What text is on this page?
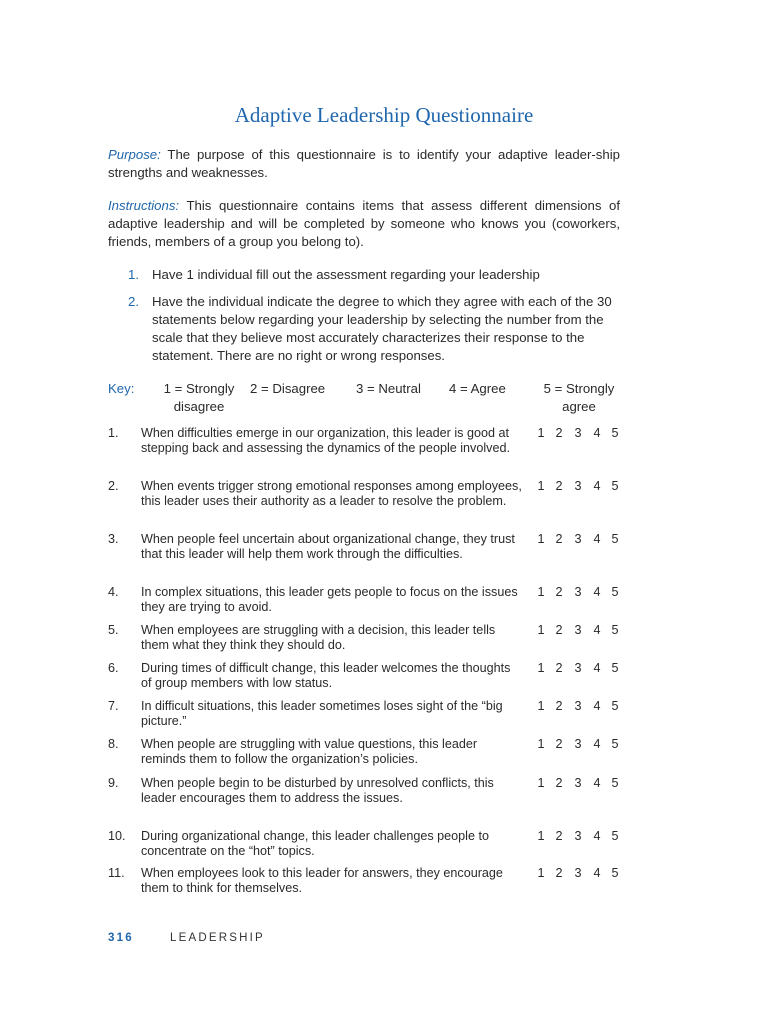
Adaptive Leadership Questionnaire
Purpose: The purpose of this questionnaire is to identify your adaptive leader-ship strengths and weaknesses.
Instructions: This questionnaire contains items that assess different dimensions of adaptive leadership and will be completed by someone who knows you (coworkers, friends, members of a group you belong to).
1. Have 1 individual fill out the assessment regarding your leadership
2. Have the individual indicate the degree to which they agree with each of the 30 statements below regarding your leadership by selecting the number from the scale that they believe most accurately characterizes their response to the statement. There are no right or wrong responses.
Key:	1 = Strongly
disagree
2 = Disagree 3 = Neutral 4 = Agree	5 = Strongly
agree
1. When difficulties emerge in our organization, this leader is good at stepping back and assessing the dynamics of the people involved.
1 2 3 4 5
2. When events trigger strong emotional responses among employees, this leader uses their authority as a leader to resolve the problem.
1 2 3 4 5
3. When people feel uncertain about organizational change, they trust that this leader will help them work through the difficulties.
1 2 3 4 5
4. In complex situations, this leader gets people to focus on the issues they are trying to avoid.
1 2 3 4 5
5. When employees are struggling with a decision, this leader tells them what they think they should do.
1 2 3 4 5
6. During times of difficult change, this leader welcomes the thoughts of group members with low status.
1 2 3 4 5
7. In difficult situations, this leader sometimes loses sight of the “big picture.”
1 2 3 4 5
8. When people are struggling with value questions, this leader reminds them to follow the organization’s policies.
1 2 3 4 5
9. When people begin to be disturbed by unresolved conflicts, this leader encourages them to address the issues.
1 2 3 4 5
10. During organizational change, this leader challenges people to concentrate on the “hot” topics.
1 2 3 4 5
11. When employees look to this leader for answers, they encourage them to think for themselves.
1 2 3 4 5
316	LEADERSHIP
